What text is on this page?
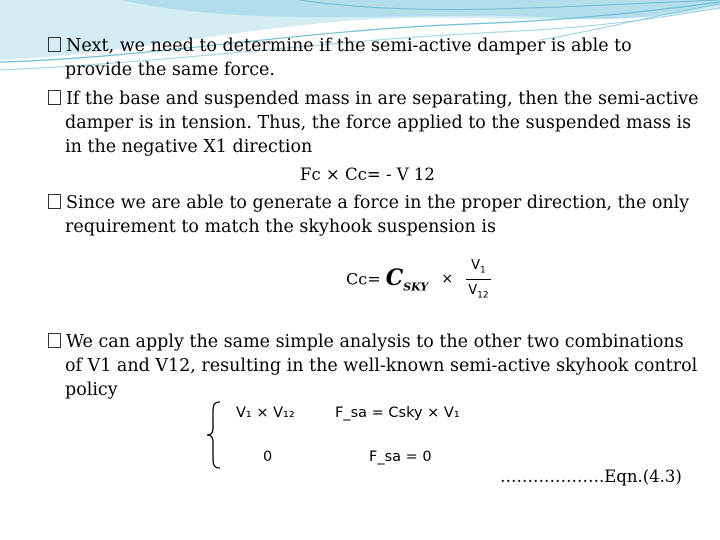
Next, we need to determine if the semi-active damper is able to provide the same force.
If the base and suspended mass in are separating, then the semi-active damper is in tension. Thus, the force applied to the suspended mass is in the negative X1 direction
Fc × Cc= - V 12
Since we are able to generate a force in the proper direction, the only requirement to match the skyhook suspension is
$Cc= C_{SKY} \times \frac{V_1}{V_{12}}$
We can apply the same simple analysis to the other two combinations of V1 and V12, resulting in the well-known semi-active skyhook control policy
V₁ × V₁₂	F_sa = Csky × V₁
0	F_sa = 0
……………….Eqn.(4.3)
